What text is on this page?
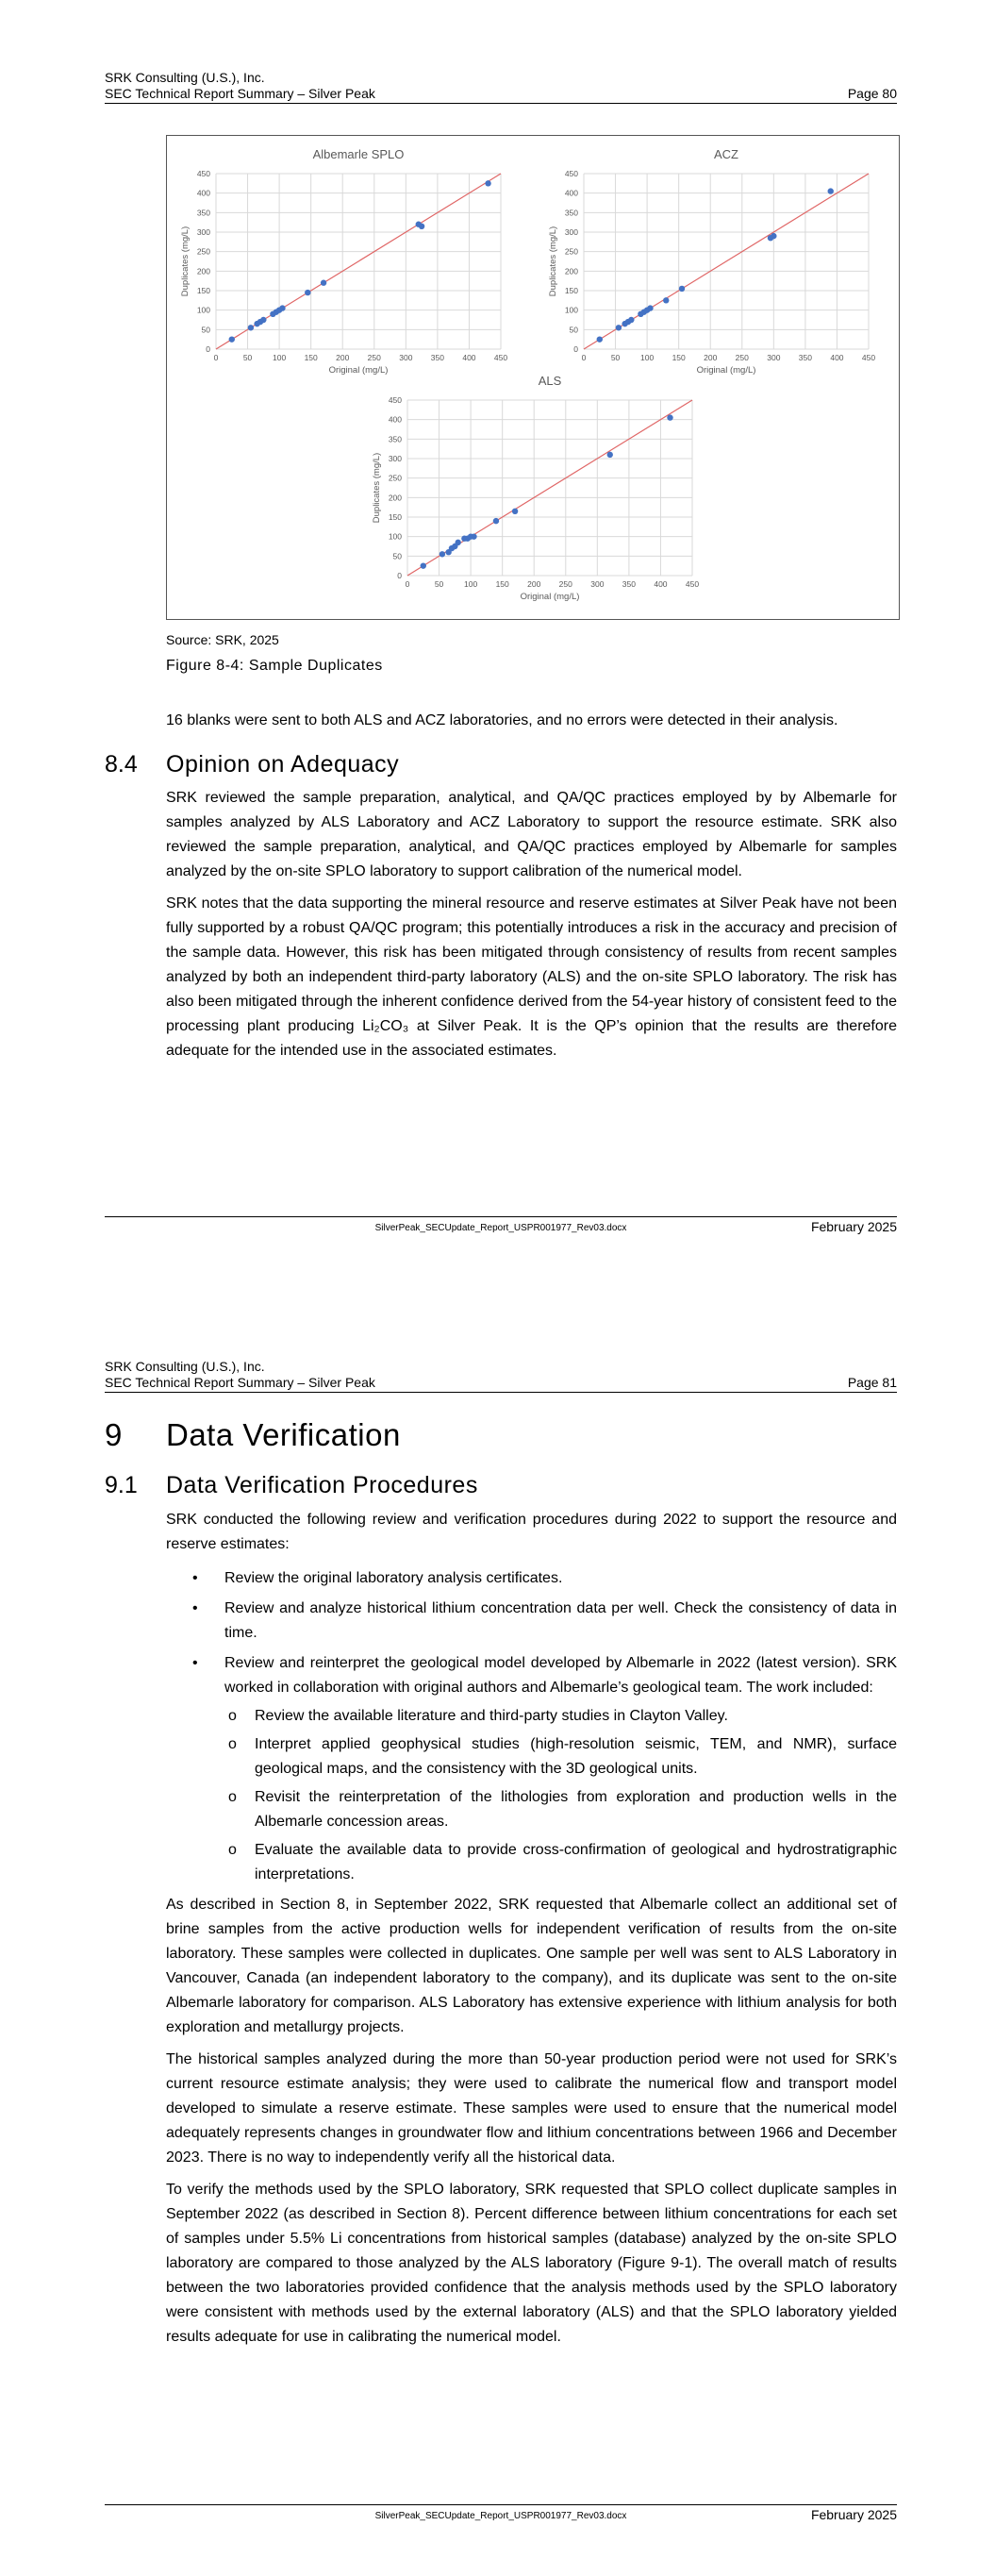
SRK Consulting (U.S.), Inc.
SEC Technical Report Summary – Silver Peak	Page 80
Albemarle SPLO
0
0
50
50
100
100
150
150
200
200
250
250
300
300
350
350
400
400
450
450
Original (mg/L)
Duplicates (mg/L)
ACZ
0
0
50
50
100
100
150
150
200
200
250
250
300
300
350
350
400
400
450
450
Original (mg/L)
Duplicates (mg/L)
ALS
0
0
50
50
100
100
150
150
200
200
250
250
300
300
350
350
400
400
450
450
Original (mg/L)
Duplicates (mg/L)
Source: SRK, 2025
Figure 8-4: Sample Duplicates

16 blanks were sent to both ALS and ACZ laboratories, and no errors were detected in their analysis.

8.4 Opinion on Adequacy

SRK reviewed the sample preparation, analytical, and QA/QC practices employed by by Albemarle for samples analyzed by ALS Laboratory and ACZ Laboratory to support the resource estimate. SRK also reviewed the sample preparation, analytical, and QA/QC practices employed by Albemarle for samples analyzed by the on-site SPLO laboratory to support calibration of the numerical model.

SRK notes that the data supporting the mineral resource and reserve estimates at Silver Peak have not been fully supported by a robust QA/QC program; this potentially introduces a risk in the accuracy and precision of the sample data. However, this risk has been mitigated through consistency of results from recent samples analyzed by both an independent third-party laboratory (ALS) and the on-site SPLO laboratory. The risk has also been mitigated through the inherent confidence derived from the 54-year history of consistent feed to the processing plant producing Li₂CO₃ at Silver Peak. It is the QP’s opinion that the results are therefore adequate for the intended use in the associated estimates.

SilverPeak_SECUpdate_Report_USPR001977_Rev03.docx	February 2025
SRK Consulting (U.S.), Inc.
SEC Technical Report Summary – Silver Peak	Page 81
9 Data Verification
9.1 Data Verification Procedures

SRK conducted the following review and verification procedures during 2022 to support the resource and reserve estimates:

• Review the original laboratory analysis certificates.
• Review and analyze historical lithium concentration data per well. Check the consistency of data in time.
• Review and reinterpret the geological model developed by Albemarle in 2022 (latest version). SRK worked in collaboration with original authors and Albemarle’s geological team. The work included:
o Review the available literature and third-party studies in Clayton Valley.
o Interpret applied geophysical studies (high-resolution seismic, TEM, and NMR), surface geological maps, and the consistency with the 3D geological units.
o Revisit the reinterpretation of the lithologies from exploration and production wells in the Albemarle concession areas.
o Evaluate the available data to provide cross-confirmation of geological and hydrostratigraphic interpretations.

As described in Section 8, in September 2022, SRK requested that Albemarle collect an additional set of brine samples from the active production wells for independent verification of results from the on-site laboratory. These samples were collected in duplicates. One sample per well was sent to ALS Laboratory in Vancouver, Canada (an independent laboratory to the company), and its duplicate was sent to the on-site Albemarle laboratory for comparison. ALS Laboratory has extensive experience with lithium analysis for both exploration and metallurgy projects.

The historical samples analyzed during the more than 50-year production period were not used for SRK’s current resource estimate analysis; they were used to calibrate the numerical flow and transport model developed to simulate a reserve estimate. These samples were used to ensure that the numerical model adequately represents changes in groundwater flow and lithium concentrations between 1966 and December 2023. There is no way to independently verify all the historical data.

To verify the methods used by the SPLO laboratory, SRK requested that SPLO collect duplicate samples in September 2022 (as described in Section 8). Percent difference between lithium concentrations for each set of samples under 5.5% Li concentrations from historical samples (database) analyzed by the on-site SPLO laboratory are compared to those analyzed by the ALS laboratory (Figure 9-1). The overall match of results between the two laboratories provided confidence that the analysis methods used by the SPLO laboratory were consistent with methods used by the external laboratory (ALS) and that the SPLO laboratory yielded results adequate for use in calibrating the numerical model.

SilverPeak_SECUpdate_Report_USPR001977_Rev03.docx	February 2025
